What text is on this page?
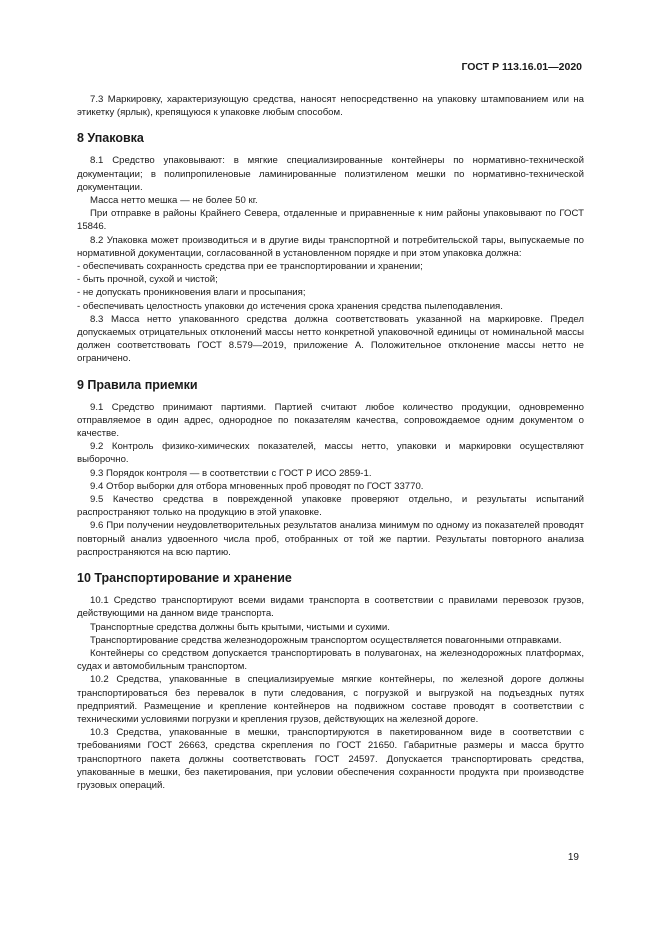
ГОСТ Р 113.16.01—2020

7.3 Маркировку, характеризующую средства, наносят непосредственно на упаковку штампованием или на этикетку (ярлык), крепящуюся к упаковке любым способом.

8 Упаковка

8.1 Средство упаковывают: в мягкие специализированные контейнеры по нормативно-технической документации; в полипропиленовые ламинированные полиэтиленом мешки по нормативно-технической документации.

Масса нетто мешка — не более 50 кг.

При отправке в районы Крайнего Севера, отдаленные и приравненные к ним районы упаковывают по ГОСТ 15846.

8.2 Упаковка может производиться и в другие виды транспортной и потребительской тары, выпускаемые по нормативной документации, согласованной в установленном порядке и при этом упаковка должна:

- обеспечивать сохранность средства при ее транспортировании и хранении;

- быть прочной, сухой и чистой;

- не допускать проникновения влаги и просыпания;

- обеспечивать целостность упаковки до истечения срока хранения средства пылеподавления.

8.3 Масса нетто упакованного средства должна соответствовать указанной на маркировке. Предел допускаемых отрицательных отклонений массы нетто конкретной упаковочной единицы от номинальной массы должен соответствовать ГОСТ 8.579—2019, приложение А. Положительное отклонение массы нетто не ограничено.

9 Правила приемки

9.1 Средство принимают партиями. Партией считают любое количество продукции, одновременно отправляемое в один адрес, однородное по показателям качества, сопровождаемое одним документом о качестве.

9.2 Контроль физико-химических показателей, массы нетто, упаковки и маркировки осуществляют выборочно.

9.3 Порядок контроля — в соответствии с ГОСТ Р ИСО 2859-1.

9.4 Отбор выборки для отбора мгновенных проб проводят по ГОСТ 33770.

9.5 Качество средства в поврежденной упаковке проверяют отдельно, и результаты испытаний распространяют только на продукцию в этой упаковке.

9.6 При получении неудовлетворительных результатов анализа минимум по одному из показателей проводят повторный анализ удвоенного числа проб, отобранных от той же партии. Результаты повторного анализа распространяются на всю партию.

10 Транспортирование и хранение

10.1 Средство транспортируют всеми видами транспорта в соответствии с правилами перевозок грузов, действующими на данном виде транспорта.

Транспортные средства должны быть крытыми, чистыми и сухими.

Транспортирование средства железнодорожным транспортом осуществляется повагонными отправками.

Контейнеры со средством допускается транспортировать в полувагонах, на железнодорожных платформах, судах и автомобильным транспортом.

10.2 Средства, упакованные в специализируемые мягкие контейнеры, по железной дороге должны транспортироваться без перевалок в пути следования, с погрузкой и выгрузкой на подъездных путях предприятий. Размещение и крепление контейнеров на подвижном составе проводят в соответствии с техническими условиями погрузки и крепления грузов, действующих на железной дороге.

10.3 Средства, упакованные в мешки, транспортируются в пакетированном виде в соответствии с требованиями ГОСТ 26663, средства скрепления по ГОСТ 21650. Габаритные размеры и масса брутто транспортного пакета должны соответствовать ГОСТ 24597. Допускается транспортировать средства, упакованные в мешки, без пакетирования, при условии обеспечения сохранности продукта при производстве грузовых операций.

19
